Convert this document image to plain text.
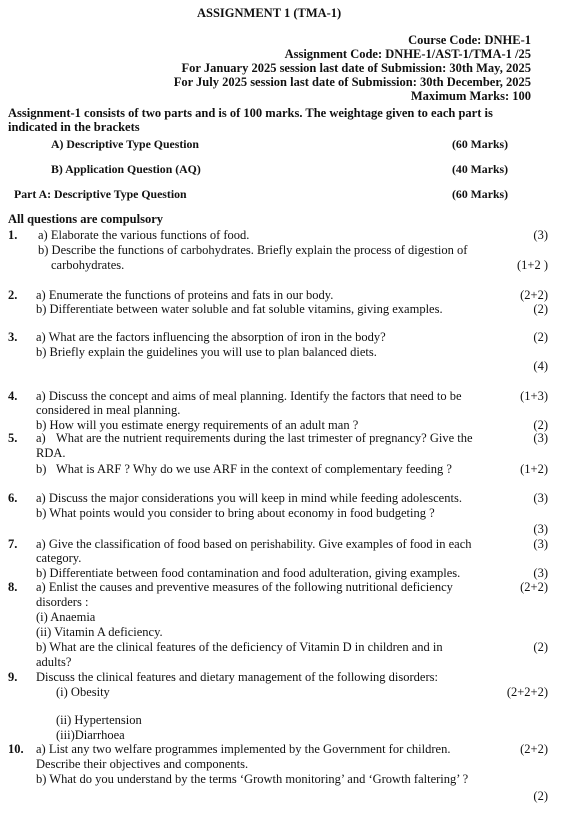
ASSIGNMENT 1 (TMA-1)
Course Code: DNHE-1
Assignment Code: DNHE-1/AST-1/TMA-1 /25
For January 2025 session last date of Submission: 30th May, 2025
For July 2025 session last date of Submission: 30th December, 2025
Maximum Marks: 100
Assignment-1 consists of two parts and is of 100 marks. The weightage given to each part is
indicated in the brackets
A) Descriptive Type Question	(60 Marks)
B) Application Question (AQ)	(40 Marks)
Part A: Descriptive Type Question	(60 Marks)
All questions are compulsory
1. a) Elaborate the various functions of food.	(3)
b) Describe the functions of carbohydrates. Briefly explain the process of digestion of
carbohydrates.	(1+2 )
2. a) Enumerate the functions of proteins and fats in our body.	(2+2)
b) Differentiate between water soluble and fat soluble vitamins, giving examples.	(2)
3. a) What are the factors influencing the absorption of iron in the body?	(2)
b) Briefly explain the guidelines you will use to plan balanced diets.
(4)
4. a) Discuss the concept and aims of meal planning. Identify the factors that need to be	(1+3)
considered in meal planning.
b) How will you estimate energy requirements of an adult man ?	(2)
5. a) What are the nutrient requirements during the last trimester of pregnancy? Give the	(3)
RDA.
b) What is ARF ? Why do we use ARF in the context of complementary feeding ?	(1+2)
6. a) Discuss the major considerations you will keep in mind while feeding adolescents.	(3)
b) What points would you consider to bring about economy in food budgeting ?
(3)
7. a) Give the classification of food based on perishability. Give examples of food in each	(3)
category.
b) Differentiate between food contamination and food adulteration, giving examples.	(3)
8. a) Enlist the causes and preventive measures of the following nutritional deficiency	(2+2)
disorders :
(i) Anaemia
(ii) Vitamin A deficiency.
b) What are the clinical features of the deficiency of Vitamin D in children and in	(2)
adults?
9. Discuss the clinical features and dietary management of the following disorders:
(i) Obesity	(2+2+2)
(ii) Hypertension
(iii)Diarrhoea
10. a) List any two welfare programmes implemented by the Government for children.	(2+2)
Describe their objectives and components.
b) What do you understand by the terms ‘Growth monitoring’ and ‘Growth faltering’ ?
(2)
